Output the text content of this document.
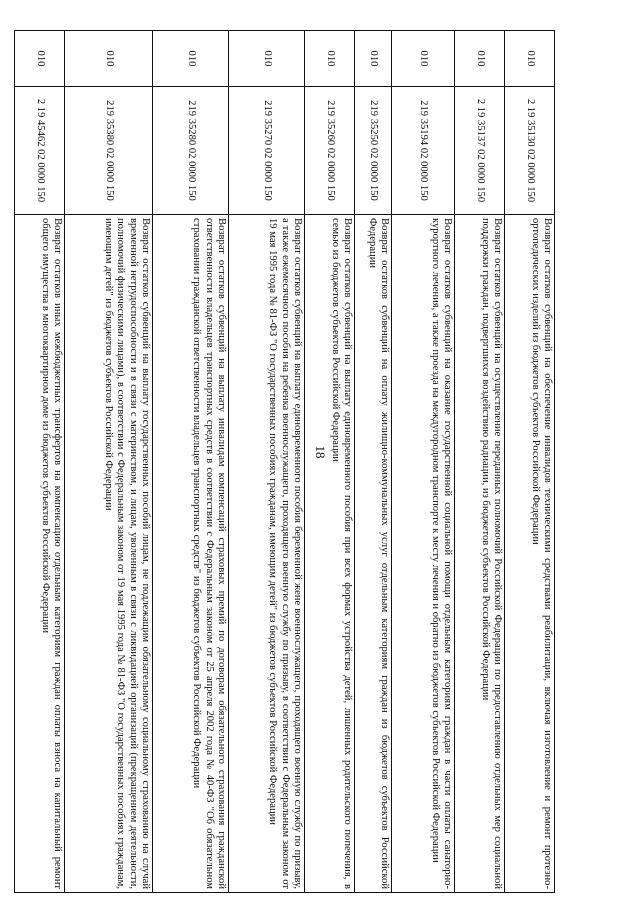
18
010	2 19 35130 02 0000 150	Возврат остатков субвенций на обеспечение инвалидов техническими средствами реабилитации, включая изготовление и ремонт протезно-ортопедических изделий из бюджетов субъектов Российской Федерации
010	2 19 35137 02 0000 150	Возврат остатков субвенций на осуществление переданных полномочий Российской Федерации по предоставлению отдельных мер социальной поддержки граждан, подвергшихся воздействию радиации, из бюджетов субъектов Российской Федерации
010	219 35194 02 0000 150	Возврат остатков субвенций на оказание государственной социальной помощи отдельным категориям граждан в части оплаты санаторно-курортного лечения, а также проезда на междугородном транспорте к месту лечения и обратно из бюджетов субъектов Российской Федерации
010	219 35250 02 0000 150	Возврат остатков субвенций на оплату жилищно-коммунальных услуг отдельным категориям граждан из бюджетов субъектов Российской Федерации
010	219 35260 02 0000 150	Возврат остатков субвенций на выплату единовременного пособия при всех формах устройства детей, лишенных родительского попечения, в семью из бюджетов субъектов Российской Федерации
010	219 35270 02 0000 150	Возврат остатков субвенций на выплату единовременного пособия беременной жене военнослужащего, проходящего военную службу по призыву, а также ежемесячного пособия на ребенка военнослужащего, проходящего военную службу по призыву, в соответствии с Федеральным законом от 19 мая 1995 года № 81-ФЗ "О государственных пособиях гражданам, имеющим детей" из бюджетов субъектов Российской Федерации
010	219 35280 02 0000 150	Возврат остатков субвенций на выплату инвалидам компенсаций страховых премий по договорам обязательного страхования гражданской ответственности владельцев транспортных средств в соответствии с Федеральным законом от 25 апреля 2002 года № 40-ФЗ "Об обязательном страховании гражданской ответственности владельцев транспортных средств" из бюджетов субъектов Российской Федерации
010	219 35380 02 0000 150	Возврат остатков субвенций на выплату государственных пособий лицам, не подлежащим обязательному социальному страхованию на случай временной нетрудоспособности и в связи с материнством, и лицам, уволенным в связи с ликвидацией организаций (прекращением деятельности, полномочий физическими лицами), в соответствии с Федеральным законом от 19 мая 1995 года № 81-ФЗ "О государственных пособиях гражданам, имеющим детей" из бюджетов субъектов Российской Федерации
010	2 19 45462 02 0000 150	Возврат остатков иных межбюджетных трансфертов на компенсацию отдельным категориям граждан оплаты взноса на капитальный ремонт общего имущества в многоквартирном доме из бюджетов субъектов Российской Федерации
